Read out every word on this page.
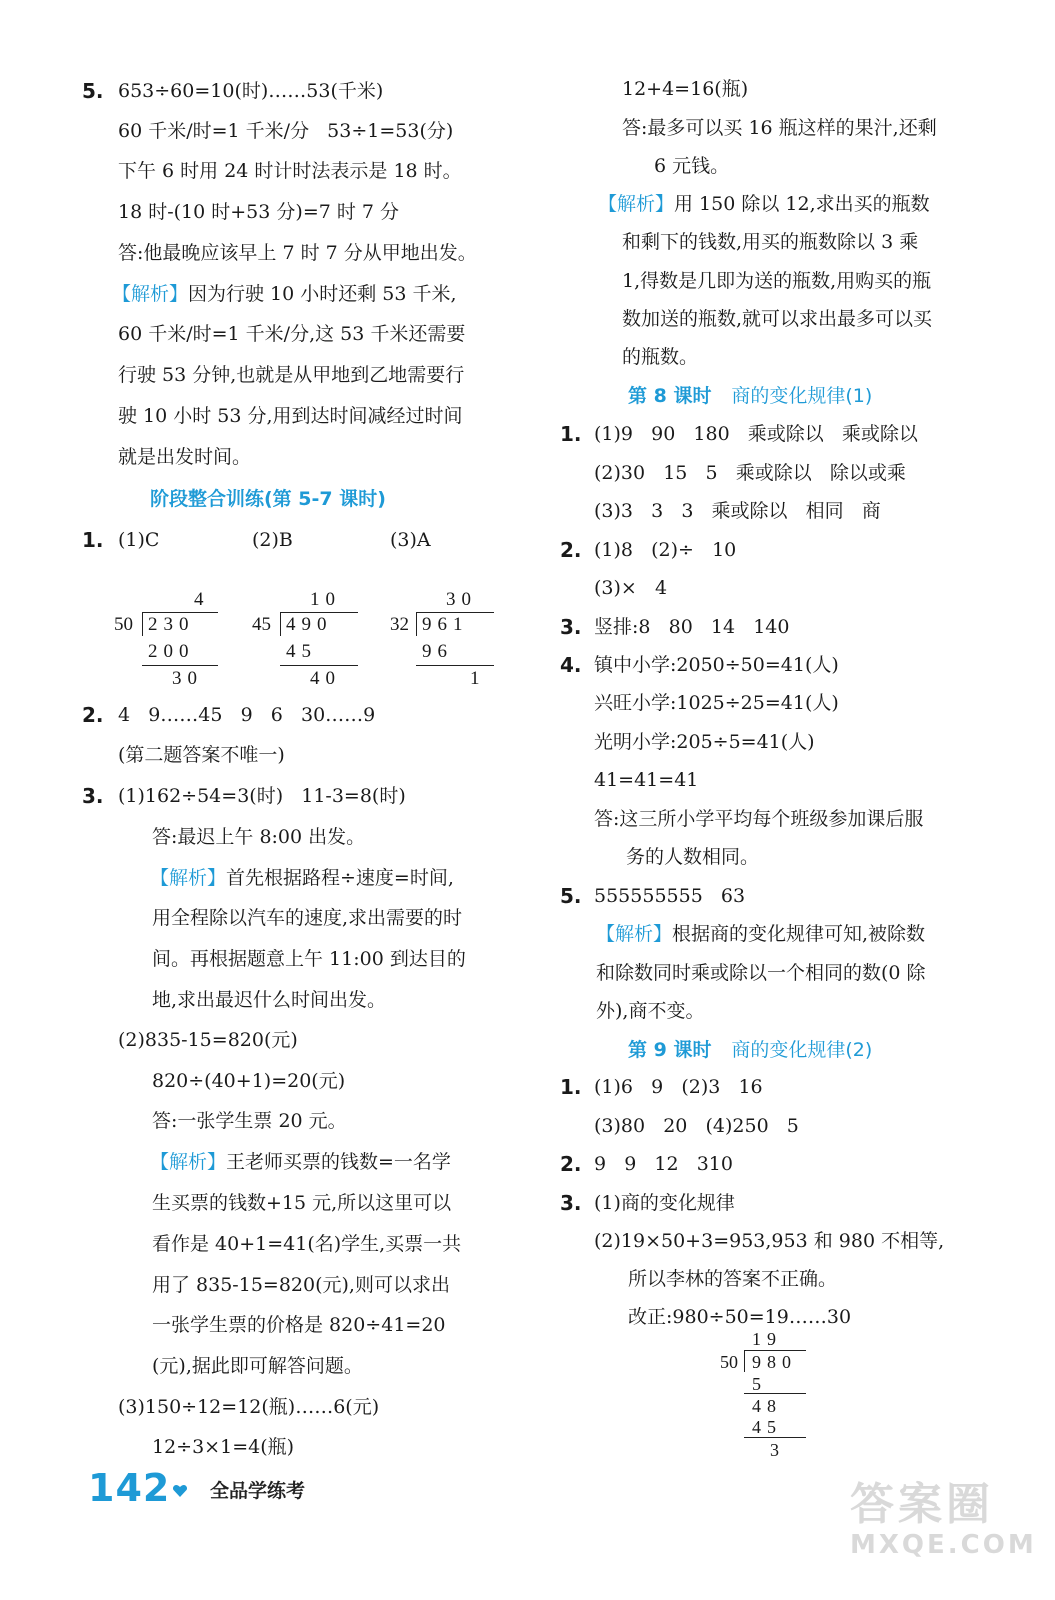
5. 653÷60=10(时)……53(千米)
60 千米/时=1 千米/分   53÷1=53(分)
下午 6 时用 24 时计时法表示是 18 时。
18 时-(10 时+53 分)=7 时 7 分
答:他最晚应该早上 7 时 7 分从甲地出发。
【解析】因为行驶 10 小时还剩 53 千米,
60 千米/时=1 千米/分,这 53 千米还需要
行驶 53 分钟,也就是从甲地到乙地需要行
驶 10 小时 53 分,用到达时间减经过时间
就是出发时间。
阶段整合训练(第 5-7 课时)
1. (1)C	(2)B	(3)A
4
50 230
200
30
10
45 490
45
40
30
32 961
96
1
2. 4   9……45   9   6   30……9
(第二题答案不唯一)
3. (1)162÷54=3(时)   11-3=8(时)
答:最迟上午 8:00 出发。
【解析】首先根据路程÷速度=时间,
用全程除以汽车的速度,求出需要的时
间。再根据题意上午 11:00 到达目的
地,求出最迟什么时间出发。
(2)835-15=820(元)
820÷(40+1)=20(元)
答:一张学生票 20 元。
【解析】王老师买票的钱数=一名学
生买票的钱数+15 元,所以这里可以
看作是 40+1=41(名)学生,买票一共
用了 835-15=820(元),则可以求出
一张学生票的价格是 820÷41=20
(元),据此即可解答问题。
(3)150÷12=12(瓶)……6(元)
12÷3×1=4(瓶)
12+4=16(瓶)
答:最多可以买 16 瓶这样的果汁,还剩
6 元钱。
【解析】用 150 除以 12,求出买的瓶数
和剩下的钱数,用买的瓶数除以 3 乘
1,得数是几即为送的瓶数,用购买的瓶
数加送的瓶数,就可以求出最多可以买
的瓶数。
第 8 课时 商的变化规律(1)
1. (1)9   90   180   乘或除以   乘或除以
(2)30   15   5   乘或除以   除以或乘
(3)3   3   3   乘或除以   相同   商
2. (1)8   (2)÷   10
(3)×   4
3. 竖排:8   80   14   140
4. 镇中小学:2050÷50=41(人)
兴旺小学:1025÷25=41(人)
光明小学:205÷5=41(人)
41=41=41
答:这三所小学平均每个班级参加课后服
务的人数相同。
5. 555555555   63
【解析】根据商的变化规律可知,被除数
和除数同时乘或除以一个相同的数(0 除
外),商不变。
第 9 课时 商的变化规律(2)
1. (1)6   9   (2)3   16
(3)80   20   (4)250   5
2. 9   9   12   310
3. (1)商的变化规律
(2)19×50+3=953,953 和 980 不相等,
所以李林的答案不正确。
改正:980÷50=19……30
19
50 980
5
48
45
3
142 全品学练考	答案圈
MXQE.COM
